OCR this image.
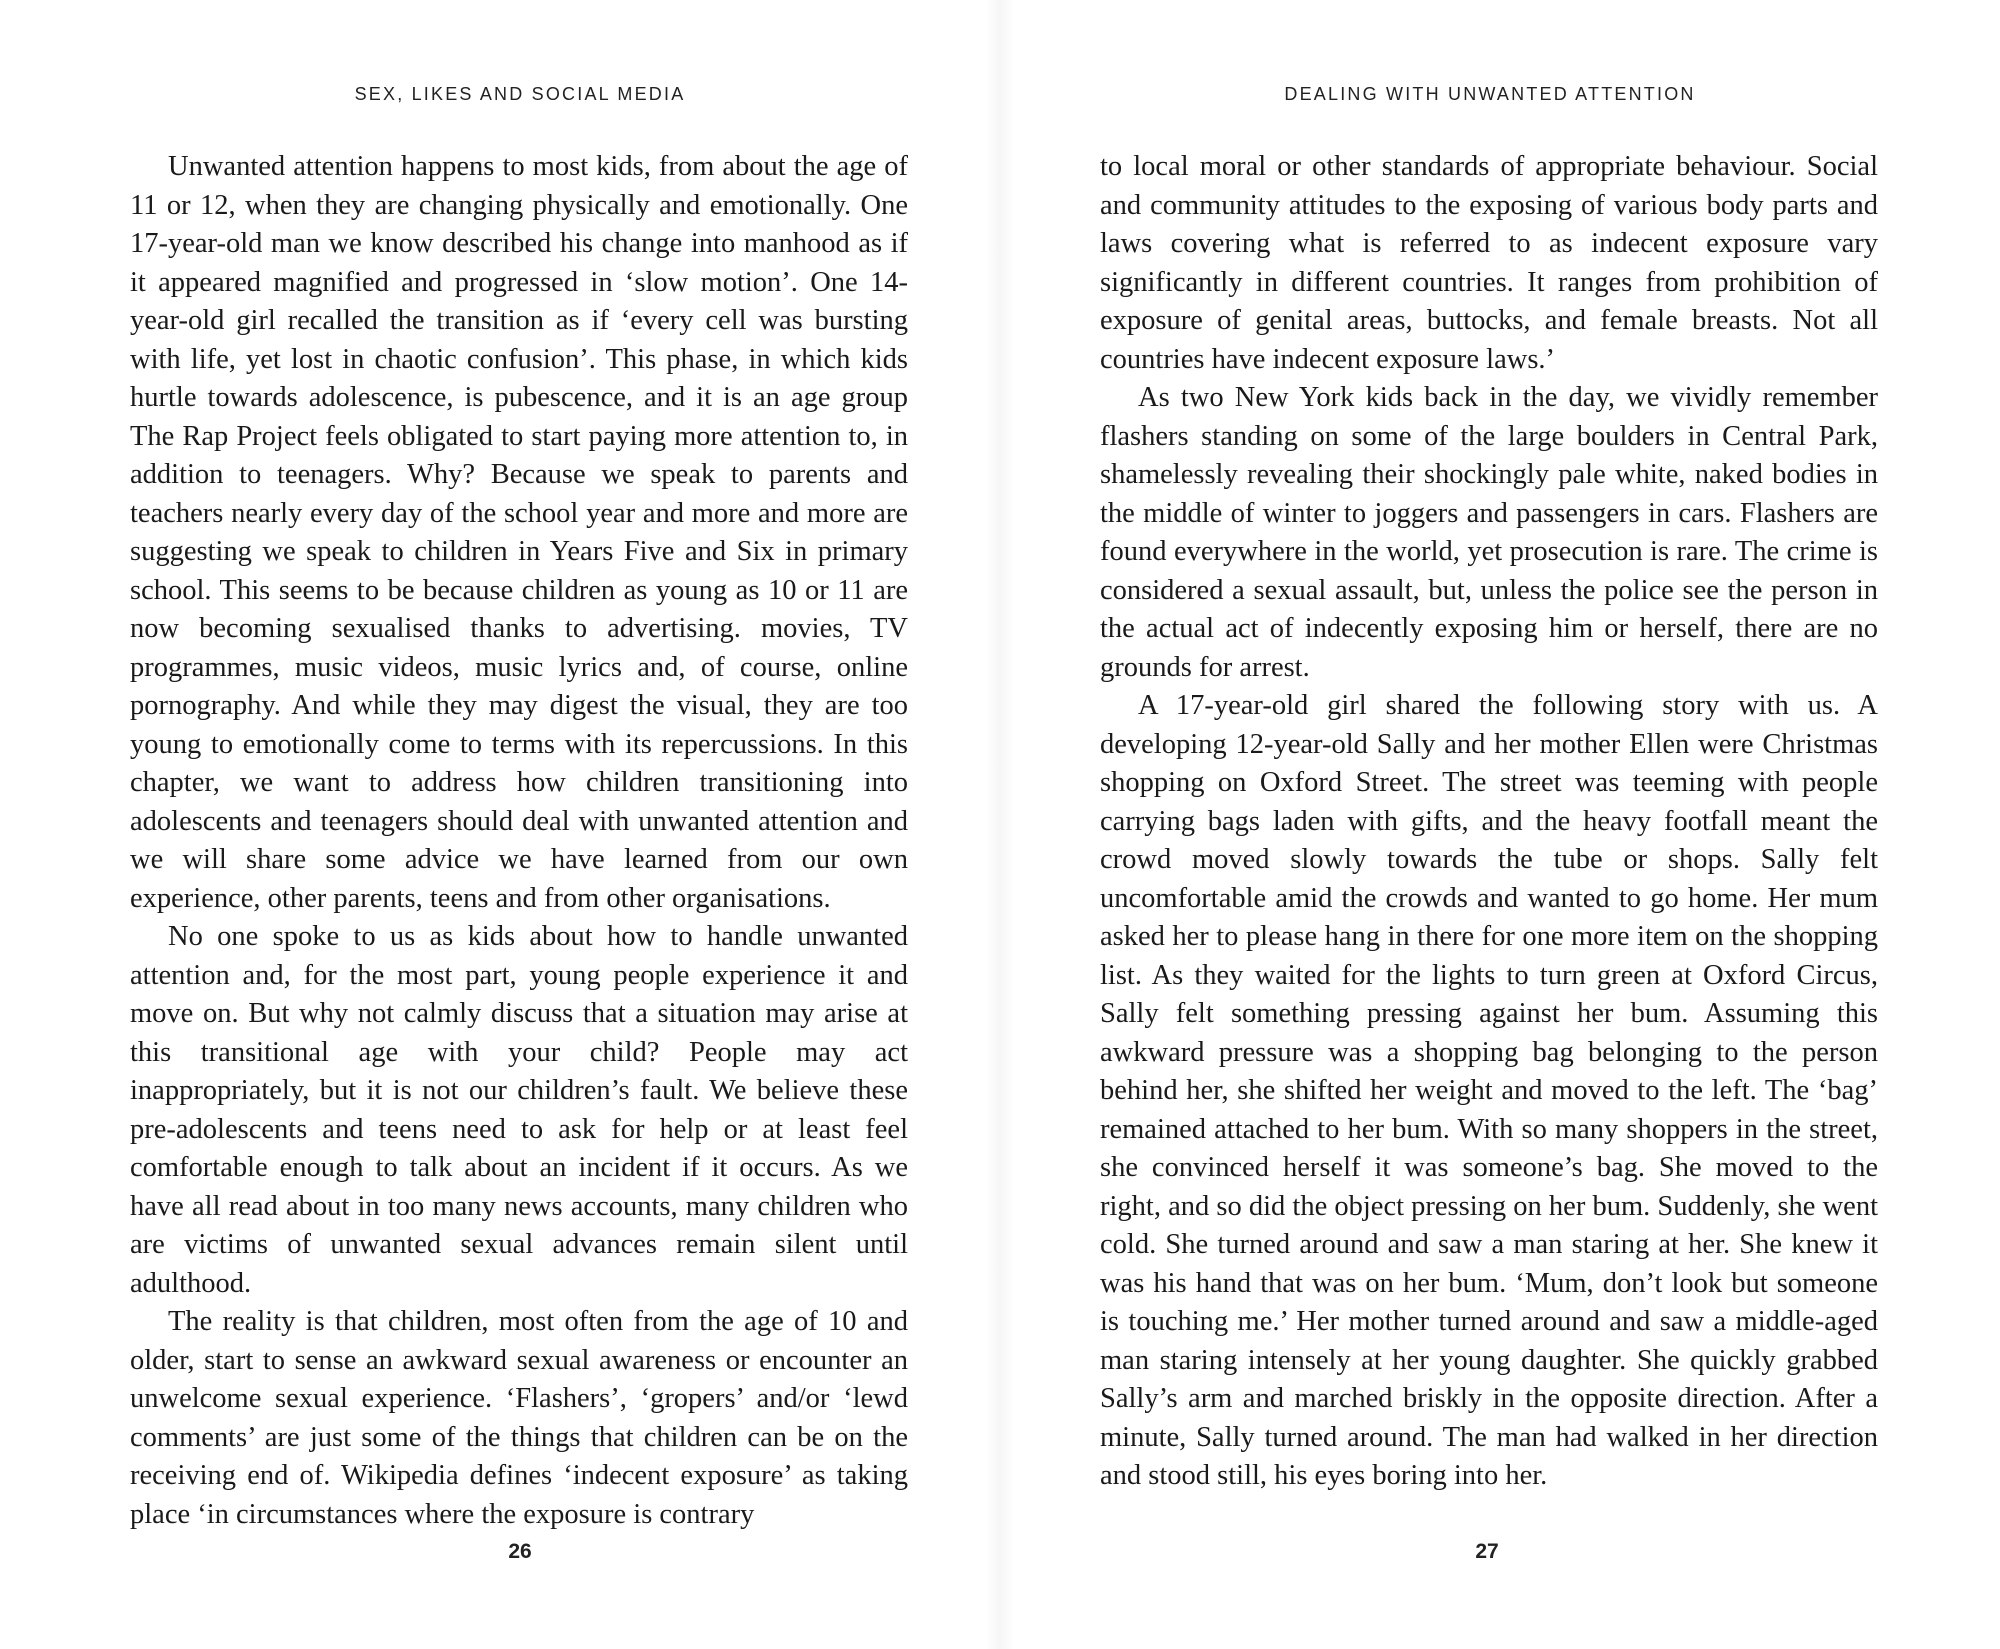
SEX, LIKES AND SOCIAL MEDIA

Unwanted attention happens to most kids, from about the age of 11 or 12, when they are changing physically and emotionally. One 17-year-old man we know described his change into manhood as if it appeared magnified and progressed in ‘slow motion’. One 14-year-old girl recalled the transition as if ‘every cell was bursting with life, yet lost in chaotic confusion’. This phase, in which kids hurtle towards adolescence, is pubescence, and it is an age group The Rap Project feels obligated to start paying more attention to, in addition to teenagers. Why? Because we speak to parents and teachers nearly every day of the school year and more and more are suggesting we speak to children in Years Five and Six in primary school. This seems to be because children as young as 10 or 11 are now becoming sexualised thanks to advertising. movies, TV programmes, music videos, music lyrics and, of course, online pornography. And while they may digest the visual, they are too young to emotionally come to terms with its repercussions. In this chapter, we want to address how children transitioning into adolescents and teenagers should deal with unwanted attention and we will share some advice we have learned from our own experience, other parents, teens and from other organisations.

No one spoke to us as kids about how to handle unwanted attention and, for the most part, young people experience it and move on. But why not calmly discuss that a situation may arise at this transitional age with your child? People may act inappropriately, but it is not our children’s fault. We believe these pre-adolescents and teens need to ask for help or at least feel comfortable enough to talk about an incident if it occurs. As we have all read about in too many news accounts, many children who are victims of unwanted sexual advances remain silent until adulthood.

The reality is that children, most often from the age of 10 and older, start to sense an awkward sexual awareness or encounter an unwelcome sexual experience. ‘Flashers’, ‘gropers’ and/or ‘lewd comments’ are just some of the things that children can be on the receiving end of. Wikipedia defines ‘indecent exposure’ as taking place ‘in circumstances where the exposure is contrary

26
DEALING WITH UNWANTED ATTENTION

to local moral or other standards of appropriate behaviour. Social and community attitudes to the exposing of various body parts and laws covering what is referred to as indecent exposure vary significantly in different countries. It ranges from prohibition of exposure of genital areas, buttocks, and female breasts. Not all countries have indecent exposure laws.’

As two New York kids back in the day, we vividly remember flashers standing on some of the large boulders in Central Park, shamelessly revealing their shockingly pale white, naked bodies in the middle of winter to joggers and passengers in cars. Flashers are found everywhere in the world, yet prosecution is rare. The crime is considered a sexual assault, but, unless the police see the person in the actual act of indecently exposing him or herself, there are no grounds for arrest.

A 17-year-old girl shared the following story with us. A developing 12-year-old Sally and her mother Ellen were Christmas shopping on Oxford Street. The street was teeming with people carrying bags laden with gifts, and the heavy footfall meant the crowd moved slowly towards the tube or shops. Sally felt uncomfortable amid the crowds and wanted to go home. Her mum asked her to please hang in there for one more item on the shopping list. As they waited for the lights to turn green at Oxford Circus, Sally felt something pressing against her bum. Assuming this awkward pressure was a shopping bag belonging to the person behind her, she shifted her weight and moved to the left. The ‘bag’ remained attached to her bum. With so many shoppers in the street, she convinced herself it was someone’s bag. She moved to the right, and so did the object pressing on her bum. Suddenly, she went cold. She turned around and saw a man staring at her. She knew it was his hand that was on her bum. ‘Mum, don’t look but someone is touching me.’ Her mother turned around and saw a middle-aged man staring intensely at her young daughter. She quickly grabbed Sally’s arm and marched briskly in the opposite direction. After a minute, Sally turned around. The man had walked in her direction and stood still, his eyes boring into her.

27
